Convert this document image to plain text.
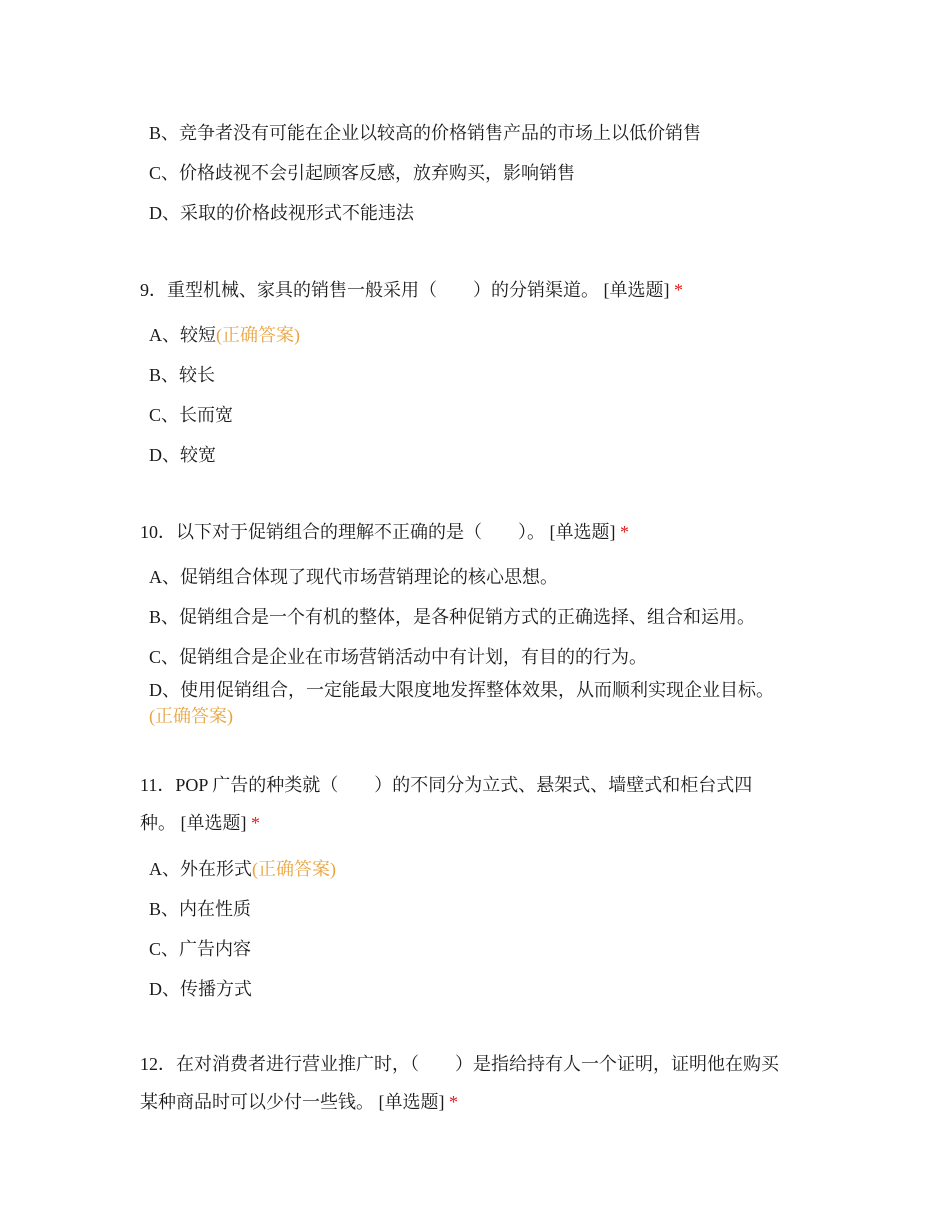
B、竞争者没有可能在企业以较高的价格销售产品的市场上以低价销售

C、价格歧视不会引起顾客反感，放弃购买，影响销售

D、采取的价格歧视形式不能违法

9．重型机械、家具的销售一般采用（　　）的分销渠道。 [单选题] *

A、较短(正确答案)

B、较长

C、长而宽

D、较宽

10．以下对于促销组合的理解不正确的是（　　）。 [单选题] *

A、促销组合体现了现代市场营销理论的核心思想。

B、促销组合是一个有机的整体，是各种促销方式的正确选择、组合和运用。

C、促销组合是企业在市场营销活动中有计划，有目的的行为。

D、使用促销组合，一定能最大限度地发挥整体效果，从而顺利实现企业目标。

(正确答案)

11．POP 广告的种类就（　　）的不同分为立式、悬架式、墙壁式和柜台式四

种。 [单选题] *

A、外在形式(正确答案)

B、内在性质

C、广告内容

D、传播方式

12．在对消费者进行营业推广时，（　　）是指给持有人一个证明，证明他在购买

某种商品时可以少付一些钱。 [单选题] *
